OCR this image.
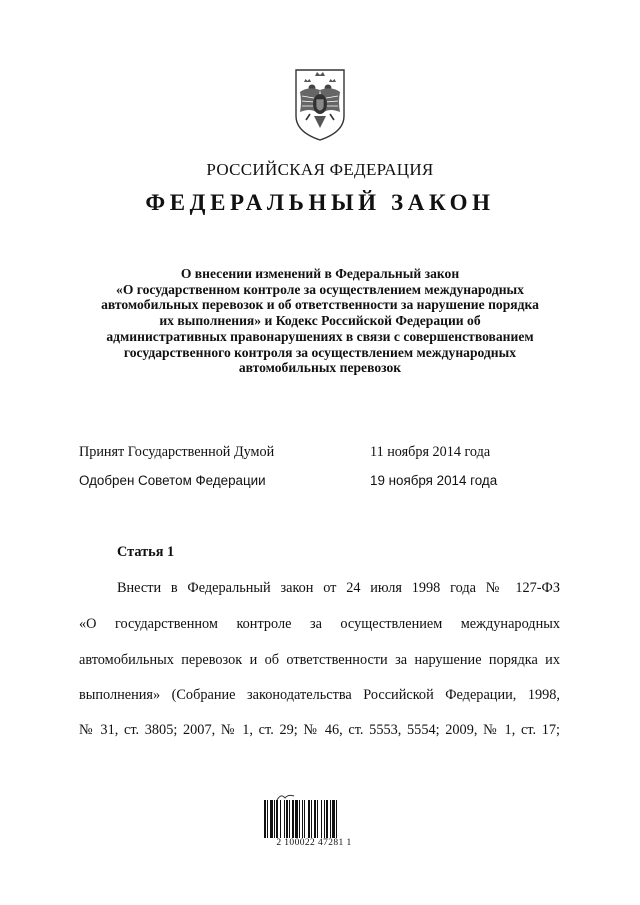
РОССИЙСКАЯ ФЕДЕРАЦИЯ
ФЕДЕРАЛЬНЫЙ ЗАКОН
О внесении изменений в Федеральный закон
«О государственном контроле за осуществлением международных
автомобильных перевозок и об ответственности за нарушение порядка
их выполнения» и Кодекс Российской Федерации об
административных правонарушениях в связи с совершенствованием
государственного контроля за осуществлением международных
автомобильных перевозок
Принят Государственной Думой	11 ноября 2014 года
Одобрен Советом Федерации	19 ноября 2014 года
Статья 1
Внести в Федеральный закон от 24 июля 1998 года № 127-ФЗ
«О государственном контроле за осуществлением международных
автомобильных перевозок и об ответственности за нарушение порядка их
выполнения» (Собрание законодательства Российской Федерации, 1998,
№ 31, ст. 3805; 2007, № 1, ст. 29; № 46, ст. 5553, 5554; 2009, № 1, ст. 17;
2 100022 47281 1
